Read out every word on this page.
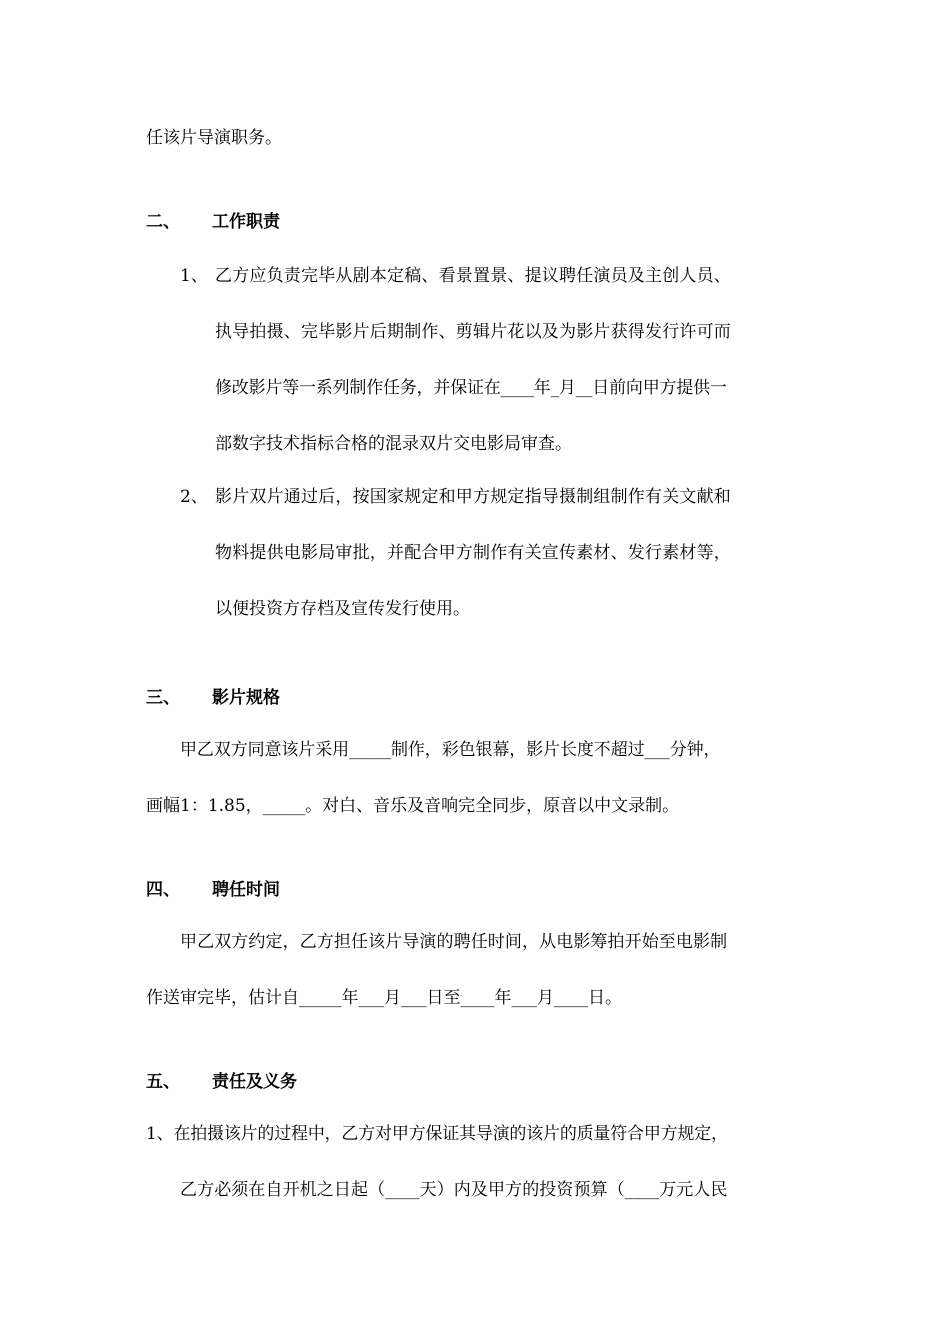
任该片导演职务。
二、 工作职责
1、 乙方应负责完毕从剧本定稿、看景置景、提议聘任演员及主创人员、
执导拍摄、完毕影片后期制作、剪辑片花以及为影片获得发行许可而
修改影片等一系列制作任务，并保证在____年_月__日前向甲方提供一
部数字技术指标合格的混录双片交电影局审查。
2、 影片双片通过后，按国家规定和甲方规定指导摄制组制作有关文献和
物料提供电影局审批，并配合甲方制作有关宣传素材、发行素材等，
以便投资方存档及宣传发行使用。
三、 影片规格
甲乙双方同意该片采用_____制作，彩色银幕，影片长度不超过___分钟，
画幅1：1.85，_____。对白、音乐及音响完全同步，原音以中文录制。
四、 聘任时间
甲乙双方约定，乙方担任该片导演的聘任时间，从电影筹拍开始至电影制
作送审完毕，估计自_____年___月___日至____年___月____日。
五、 责任及义务
1、在拍摄该片的过程中，乙方对甲方保证其导演的该片的质量符合甲方规定，
乙方必须在自开机之日起（____天）内及甲方的投资预算（____万元人民
